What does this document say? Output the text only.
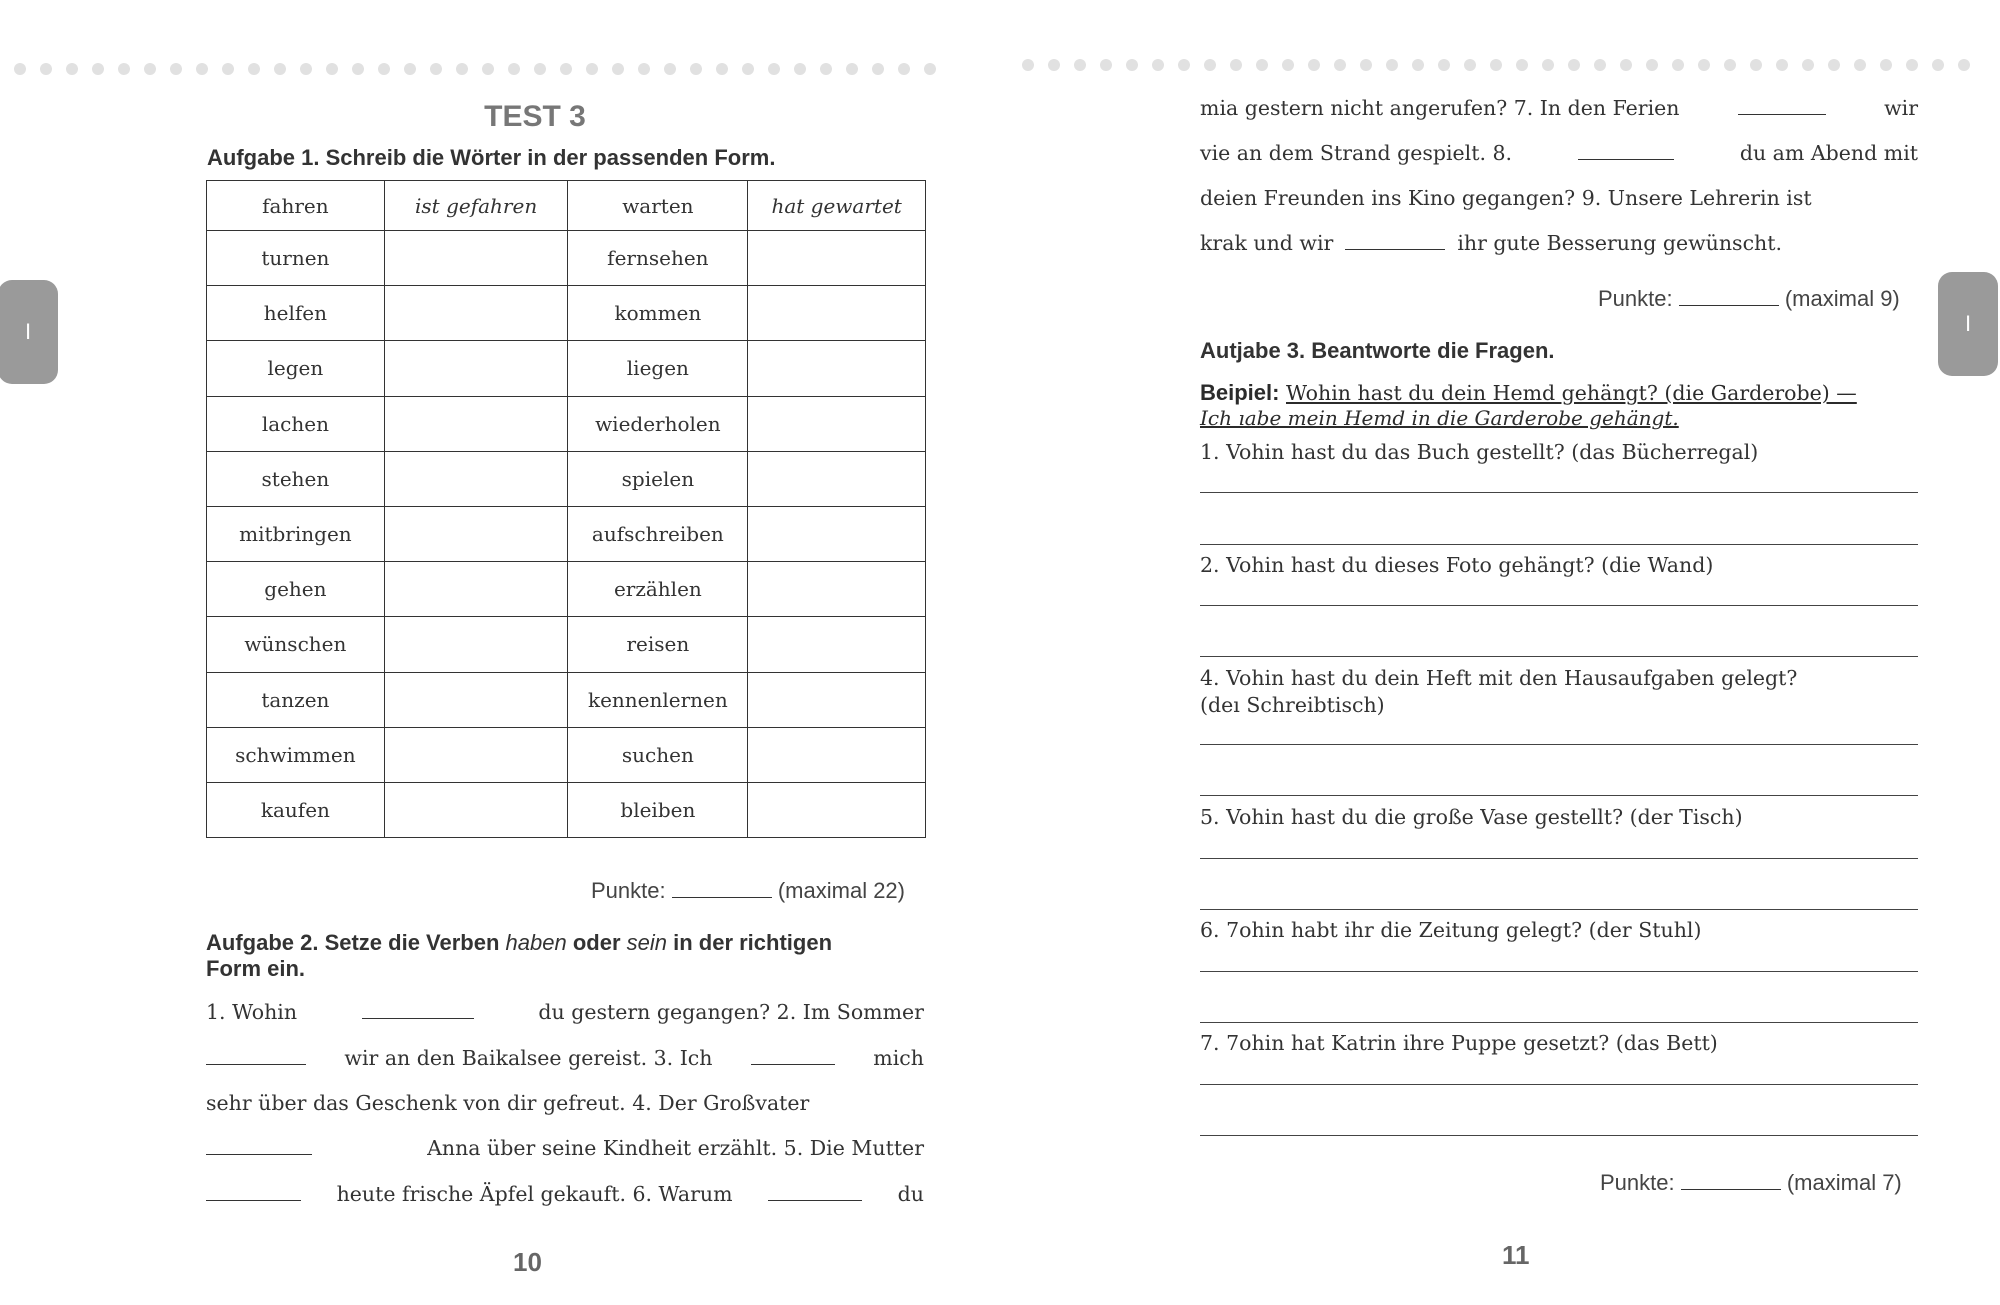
I	I
TEST 3
Aufgabe 1. Schreib die Wörter in der passenden Form.
fahren	ist gefahren	warten	hat gewartet
turnen		fernsehen	
helfen		kommen	
legen		liegen	
lachen		wiederholen	
stehen		spielen	
mitbringen		aufschreiben	
gehen		erzählen	
wünschen		reisen	
tanzen		kennenlernen	
schwimmen		suchen	
kaufen		bleiben	
Punkte:	(maximal 22)
Aufgabe 2. Setze die Verben haben oder sein in der richtigen
Form ein.
1. Wohin	du gestern gegangen? 2. Im Sommer
wir an den Baikalsee gereist. 3. Ich	mich
sehr über das Geschenk von dir gefreut. 4. Der Großvater
Anna über seine Kindheit erzählt. 5. Die Mutter
heute frische Äpfel gekauft. 6. Warum	du
10
mia gestern nicht angerufen? 7. In den Ferien	wir
vie an dem Strand gespielt. 8.	du am Abend mit
deien Freunden ins Kino gegangen? 9. Unsere Lehrerin ist
krak und wir	ihr gute Besserung gewünscht.
Punkte:	(maximal 9)
Autjabe 3. Beantworte die Fragen.
Beipiel: Wohin hast du dein Hemd gehängt? (die Garderobe) —
Ich ıabe mein Hemd in die Garderobe gehängt.
1. Vohin hast du das Buch gestellt? (das Bücherregal)
2. Vohin hast du dieses Foto gehängt? (die Wand)
4. Vohin hast du dein Heft mit den Hausaufgaben gelegt?
(deı Schreibtisch)
5. Vohin hast du die große Vase gestellt? (der Tisch)
6. 7ohin habt ihr die Zeitung gelegt? (der Stuhl)
7. 7ohin hat Katrin ihre Puppe gesetzt? (das Bett)
Punkte:	(maximal 7)
11
